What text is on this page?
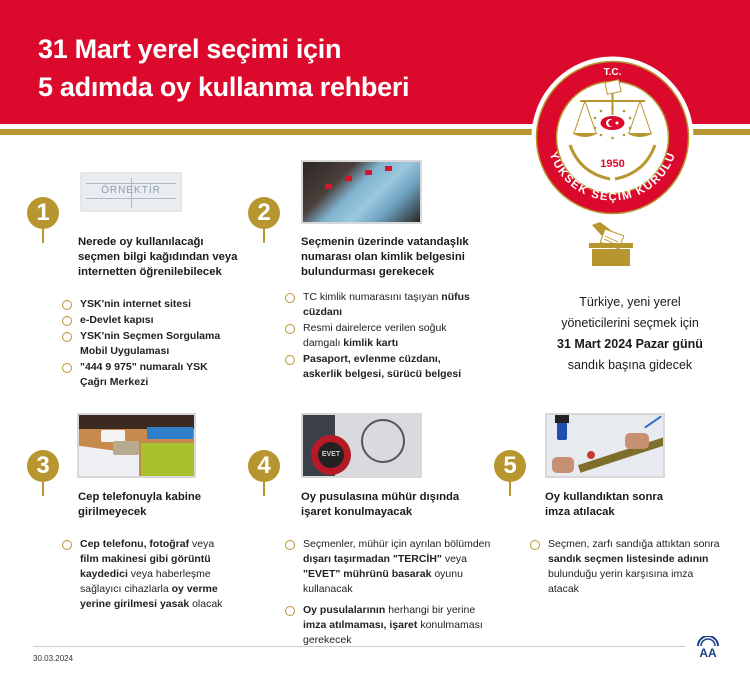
31 Mart yerel seçimi için
5 adımda oy kullanma rehberi	T.C.
YÜKSEK SEÇİM KURULU
1950
1
ÖRNEKTİR
Nerede oy kullanılacağı
seçmen bilgi kağıdından veya
internetten öğrenilebilecek
YSK'nin internet sitesi
e-Devlet kapısı
YSK'nin Seçmen Sorgulama Mobil Uygulaması
"444 9 975" numaralı YSK Çağrı Merkezi
2
Seçmenin üzerinde vatandaşlık
numarası olan kimlik belgesini
bulundurması gerekecek
TC kimlik numarasını taşıyan nüfus cüzdanı
Resmi dairelerce verilen soğuk damgalı kimlik kartı
Pasaport, evlenme cüzdanı, askerlik belgesi, sürücü belgesi
Türkiye, yeni yerel
yöneticilerini seçmek için
31 Mart 2024 Pazar günü
sandık başına gidecek
3
Cep telefonuyla kabine
girilmeyecek
Cep telefonu, fotoğraf veya film makinesi gibi görüntü kaydedici veya haberleşme sağlayıcı cihazlarla oy verme yerine girilmesi yasak olacak
4	EVET
Oy pusulasına mühür dışında
işaret konulmayacak
Seçmenler, mühür için ayrılan bölümden dışarı taşırmadan "TERCİH" veya "EVET" mührünü basarak oyunu kullanacak
Oy pusulalarının herhangi bir yerine imza atılmaması, işaret konulmaması gerekecek
5
Oy kullandıktan sonra
imza atılacak
Seçmen, zarfı sandığa attıktan sonra sandık seçmen listesinde adının bulunduğu yerin karşısına imza atacak
30.03.2024	AA
